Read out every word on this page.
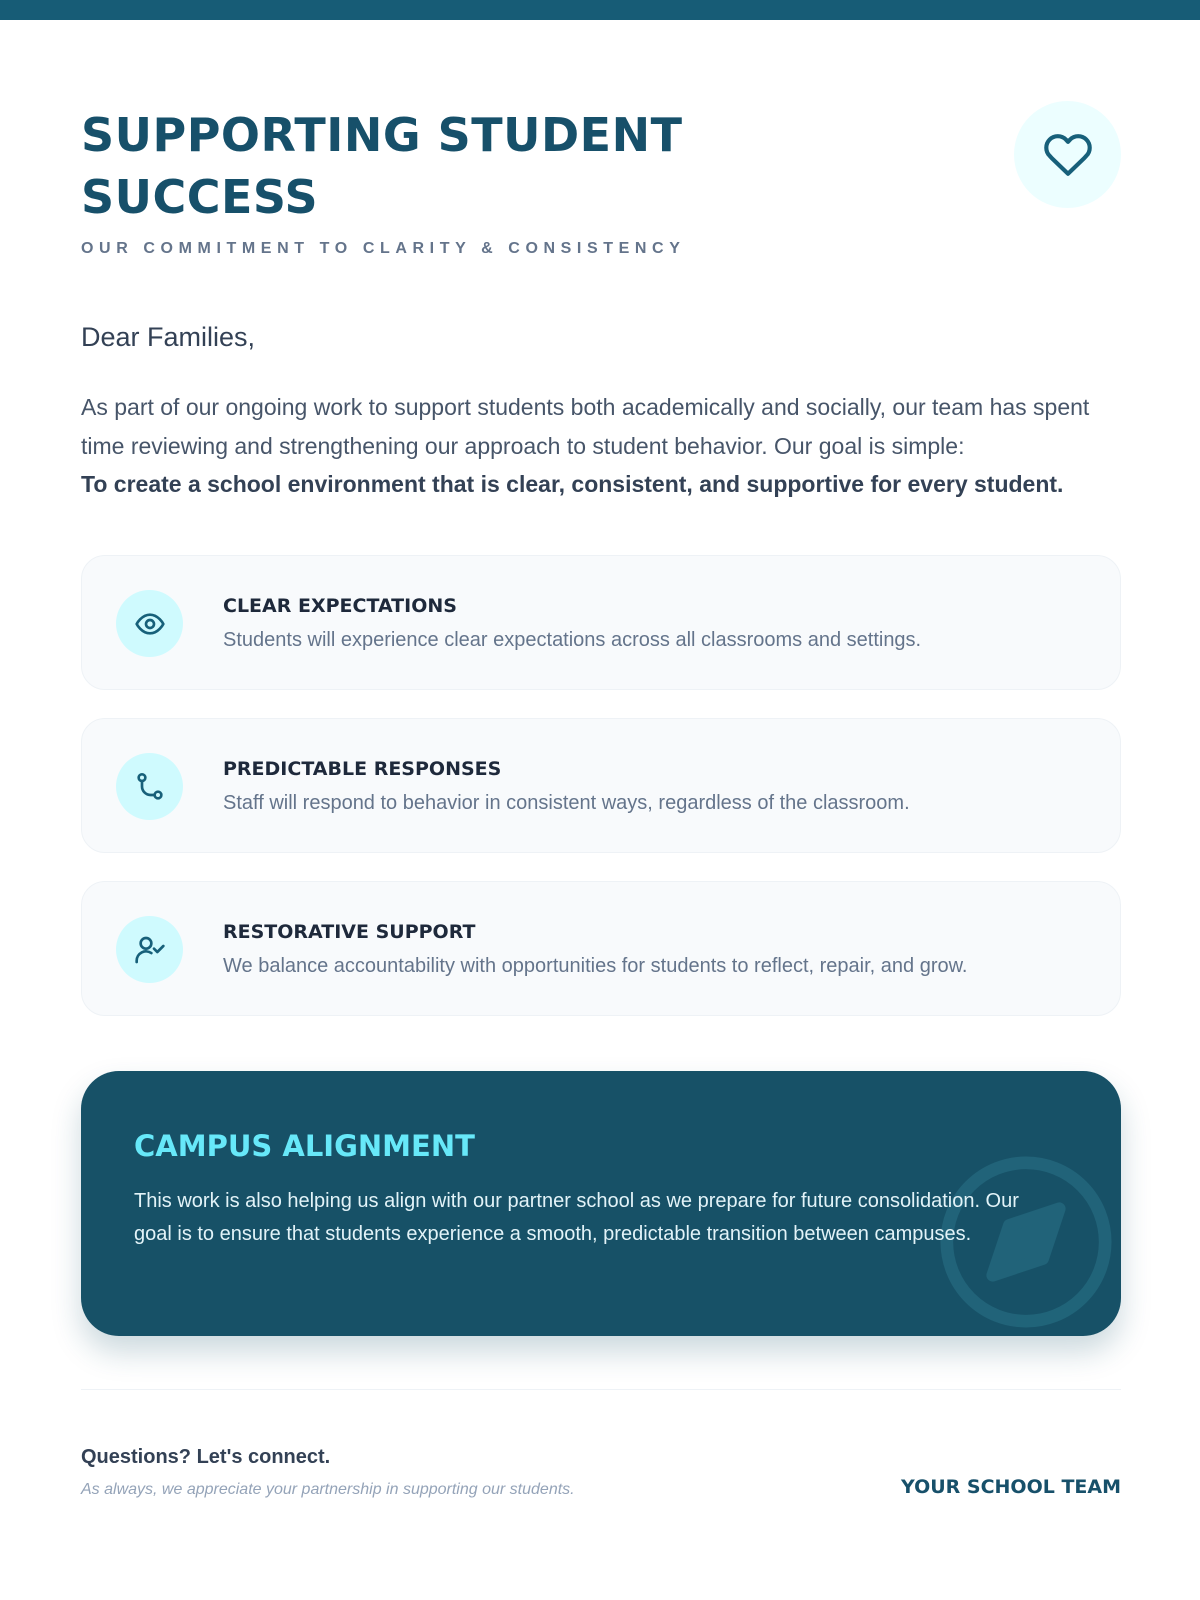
SUPPORTING STUDENT SUCCESS
OUR COMMITMENT TO CLARITY & CONSISTENCY

Dear Families,

As part of our ongoing work to support students both academically and socially, our team has spent time reviewing and strengthening our approach to student behavior. Our goal is simple:
To create a school environment that is clear, consistent, and supportive for every student.

CLEAR EXPECTATIONS
Students will experience clear expectations across all classrooms and settings.
PREDICTABLE RESPONSES
Staff will respond to behavior in consistent ways, regardless of the classroom.
RESTORATIVE SUPPORT
We balance accountability with opportunities for students to reflect, repair, and grow.
CAMPUS ALIGNMENT

This work is also helping us align with our partner school as we prepare for future consolidation. Our goal is to ensure that students experience a smooth, predictable transition between campuses.

Questions? Let's connect.
As always, we appreciate your partnership in supporting our students.	YOUR SCHOOL TEAM
